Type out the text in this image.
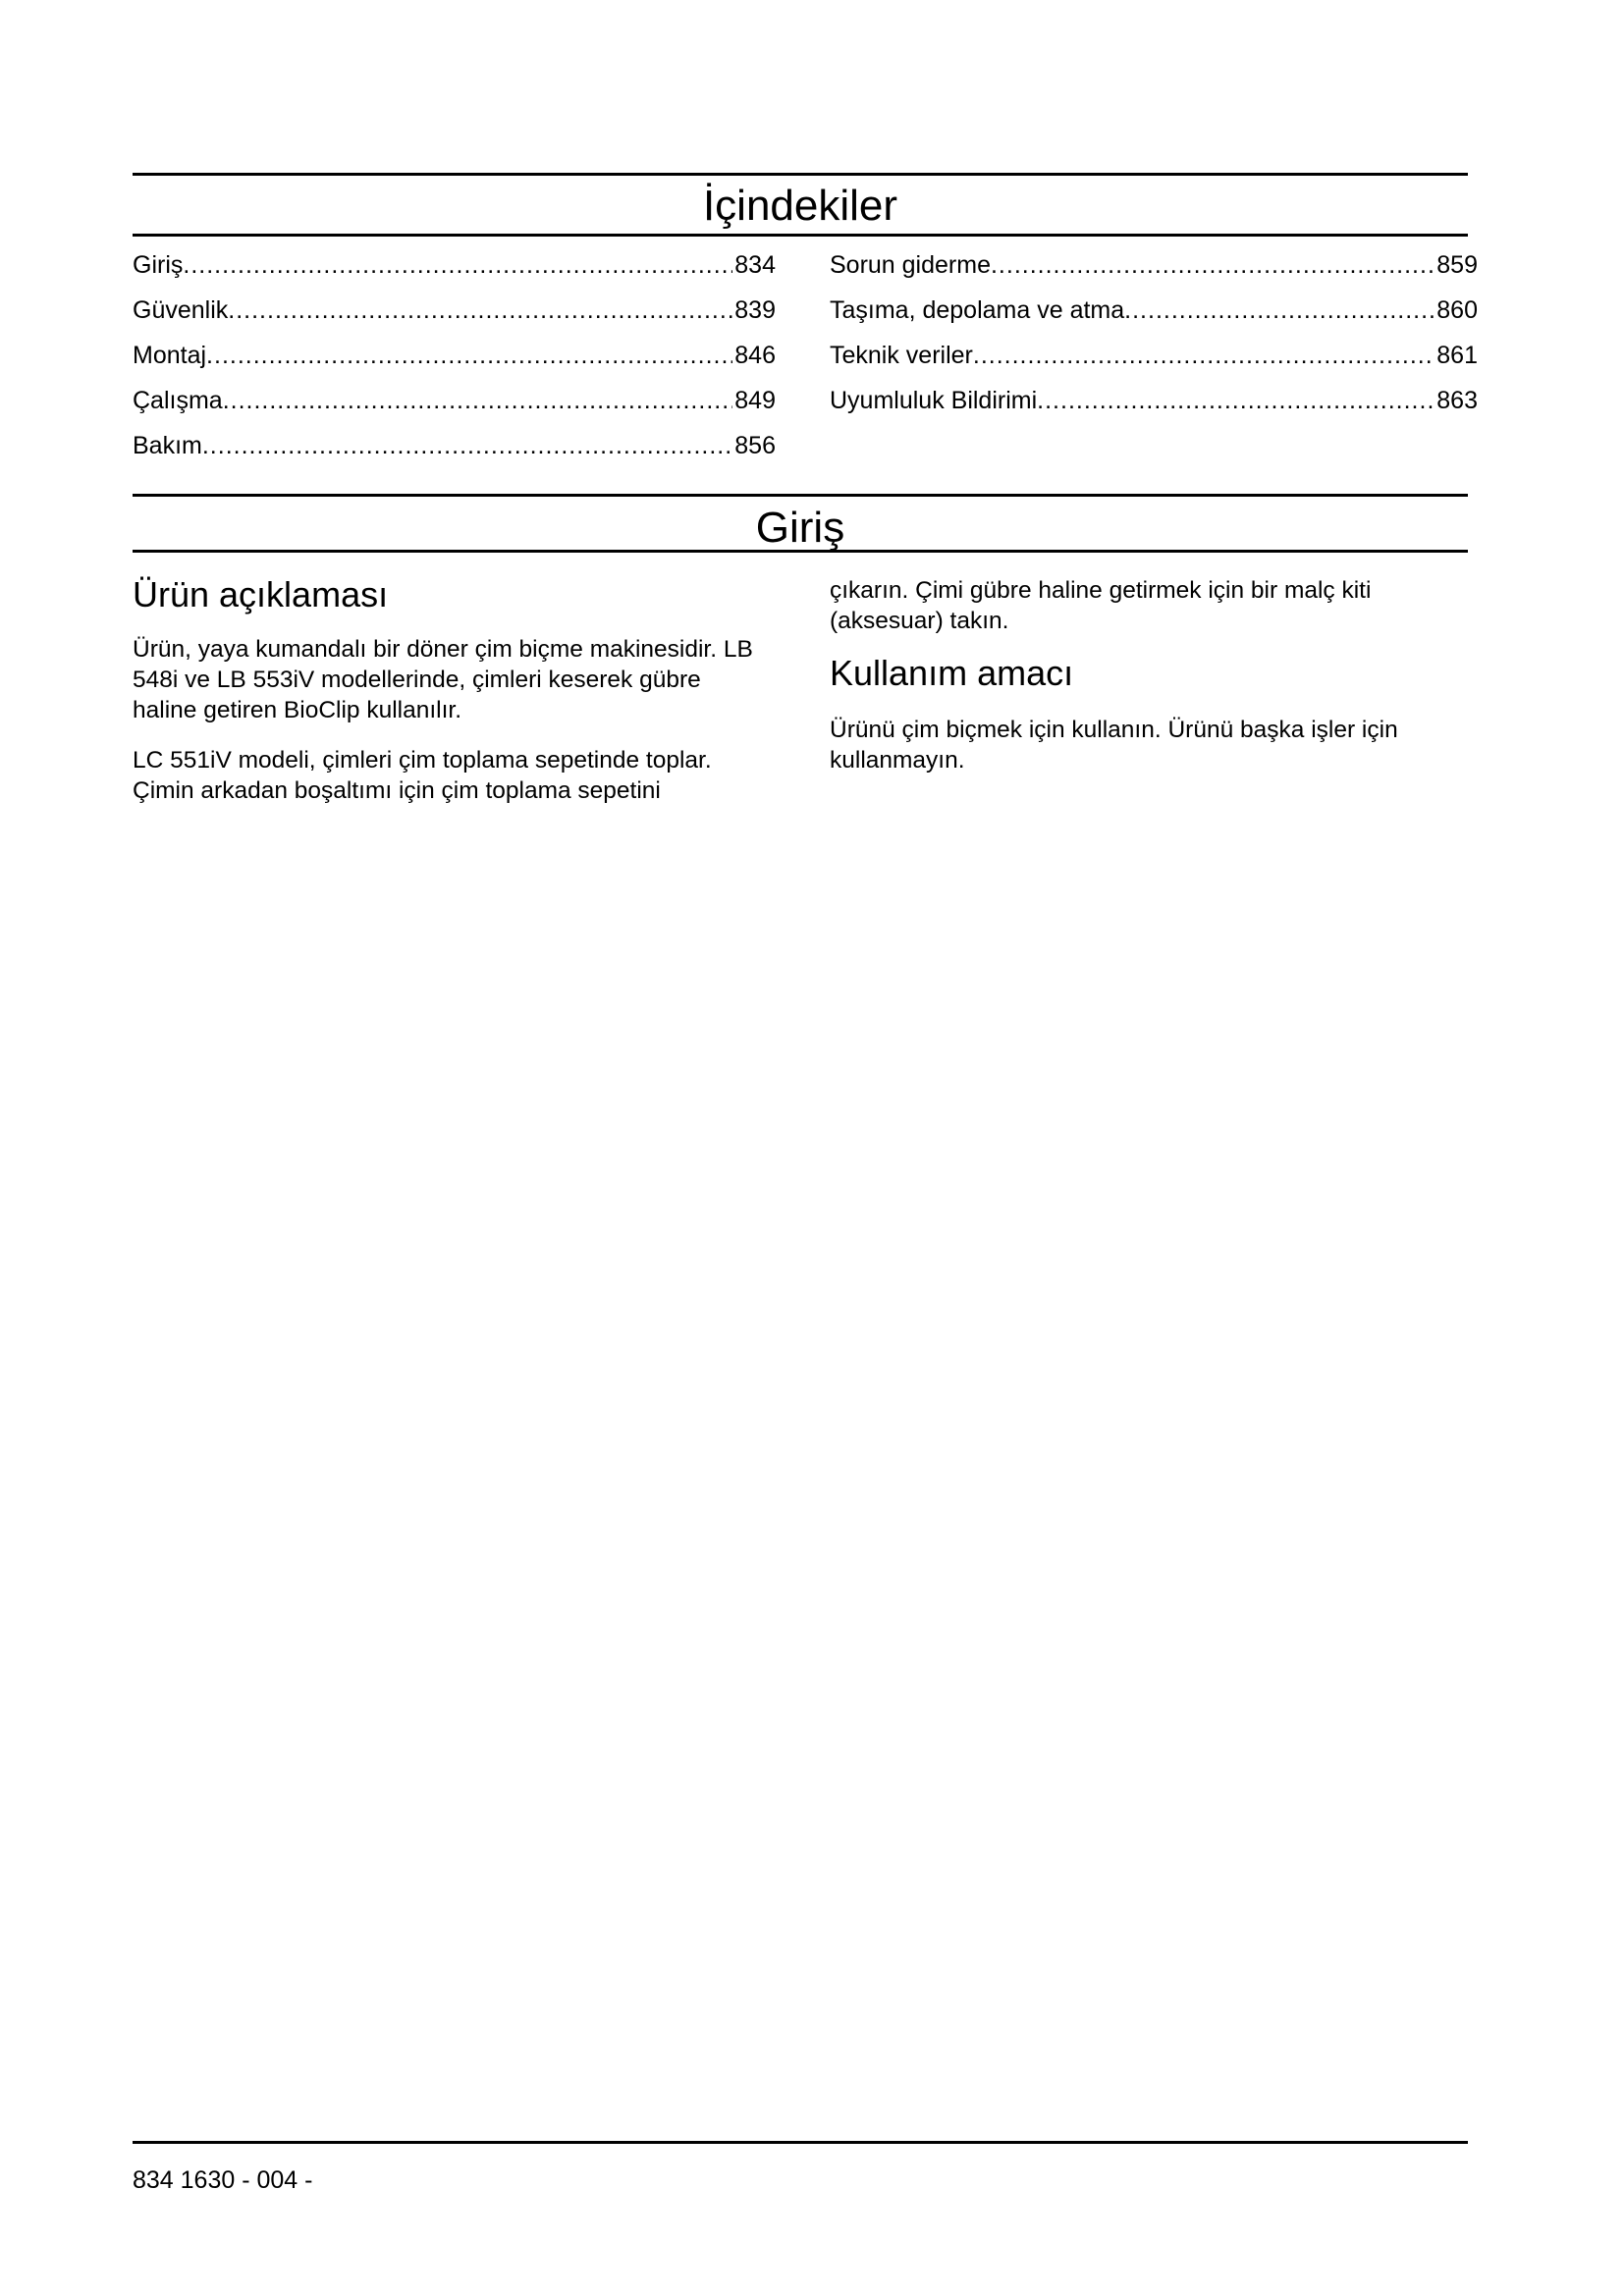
İçindekiler
Giriş .....	834
Güvenlik .....	839
Montaj .....	846
Çalışma .....	849
Bakım .....	856
Sorun giderme .....	859
Taşıma, depolama ve atma .....	860
Teknik veriler .....	861
Uyumluluk Bildirimi .....	863
Giriş
Ürün açıklaması

Ürün, yaya kumandalı bir döner çim biçme makinesidir. LB 548i ve LB 553iV modellerinde, çimleri keserek gübre haline getiren BioClip kullanılır.

LC 551iV modeli, çimleri çim toplama sepetinde toplar. Çimin arkadan boşaltımı için çim toplama sepetini

çıkarın. Çimi gübre haline getirmek için bir malç kiti (aksesuar) takın.

Kullanım amacı

Ürünü çim biçmek için kullanın. Ürünü başka işler için kullanmayın.

834 1630 - 004 -
